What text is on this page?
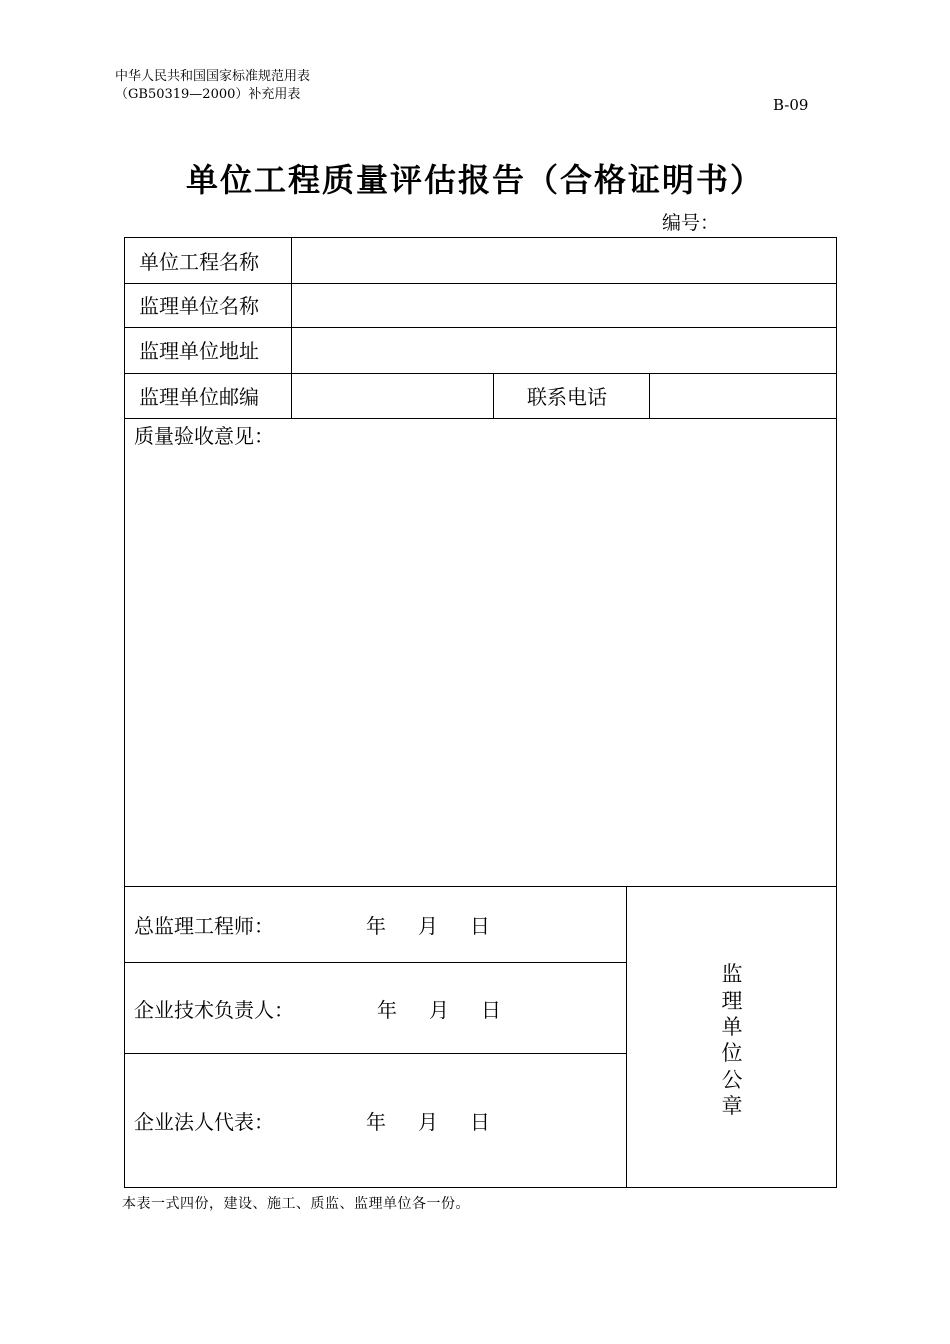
中华人民共和国国家标准规范用表
（GB50319—2000）补充用表
B-09
单位工程质量评估报告（合格证明书）
编号：
单位工程名称
监理单位名称
监理单位地址
监理单位邮编	联系电话
质量验收意见：
总监理工程师：	年 月 日
企业技术负责人：	年 月 日
企业法人代表：	年 月 日
监
理
单
位
公
章
本表一式四份，建设、施工、质监、监理单位各一份。
